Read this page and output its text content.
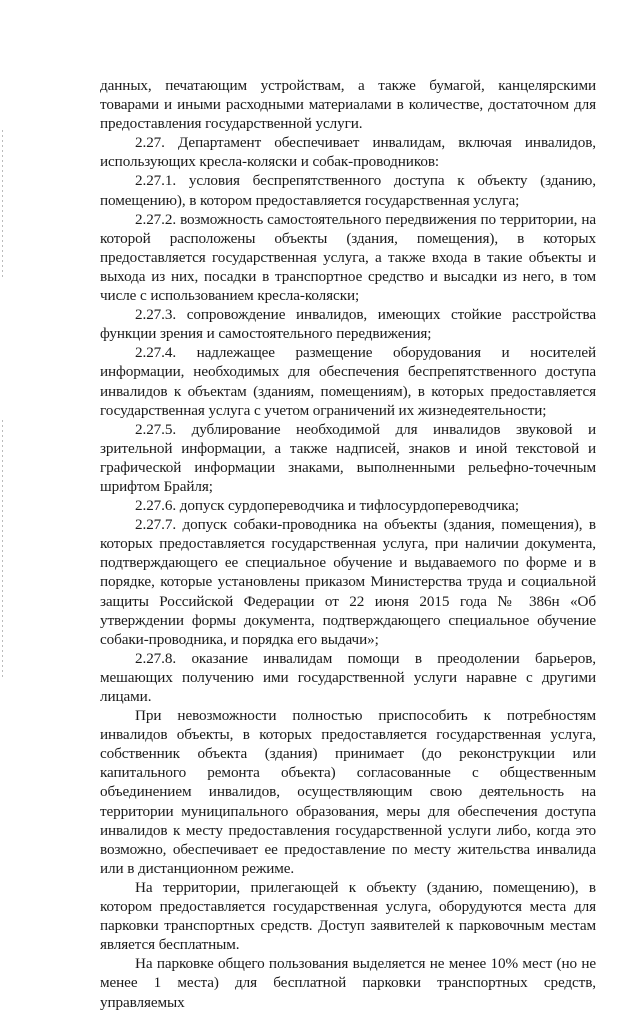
данных, печатающим устройствам, а также бумагой, канцелярскими товарами и иными расходными материалами в количестве, достаточном для предоставления государственной услуги.

2.27. Департамент обеспечивает инвалидам, включая инвалидов, использующих кресла-коляски и собак-проводников:

2.27.1. условия беспрепятственного доступа к объекту (зданию, помещению), в котором предоставляется государственная услуга;

2.27.2. возможность самостоятельного передвижения по территории, на которой расположены объекты (здания, помещения), в которых предоставляется государственная услуга, а также входа в такие объекты и выхода из них, посадки в транспортное средство и высадки из него, в том числе с использованием кресла-коляски;

2.27.3. сопровождение инвалидов, имеющих стойкие расстройства функции зрения и самостоятельного передвижения;

2.27.4. надлежащее размещение оборудования и носителей информации, необходимых для обеспечения беспрепятственного доступа инвалидов к объектам (зданиям, помещениям), в которых предоставляется государственная услуга с учетом ограничений их жизнедеятельности;

2.27.5. дублирование необходимой для инвалидов звуковой и зрительной информации, а также надписей, знаков и иной текстовой и графической информации знаками, выполненными рельефно-точечным шрифтом Брайля;

2.27.6. допуск сурдопереводчика и тифлосурдопереводчика;

2.27.7. допуск собаки-проводника на объекты (здания, помещения), в которых предоставляется государственная услуга, при наличии документа, подтверждающего ее специальное обучение и выдаваемого по форме и в порядке, которые установлены приказом Министерства труда и социальной защиты Российской Федерации от 22 июня 2015 года № 386н «Об утверждении формы документа, подтверждающего специальное обучение собаки-проводника, и порядка его выдачи»;

2.27.8. оказание инвалидам помощи в преодолении барьеров, мешающих получению ими государственной услуги наравне с другими лицами.

При невозможности полностью приспособить к потребностям инвалидов объекты, в которых предоставляется государственная услуга, собственник объекта (здания) принимает (до реконструкции или капитального ремонта объекта) согласованные с общественным объединением инвалидов, осуществляющим свою деятельность на территории муниципального образования, меры для обеспечения доступа инвалидов к месту предоставления государственной услуги либо, когда это возможно, обеспечивает ее предоставление по месту жительства инвалида или в дистанционном режиме.

На территории, прилегающей к объекту (зданию, помещению), в котором предоставляется государственная услуга, оборудуются места для парковки транспортных средств. Доступ заявителей к парковочным местам является бесплатным.

На парковке общего пользования выделяется не менее 10% мест (но не менее 1 места) для бесплатной парковки транспортных средств, управляемых
